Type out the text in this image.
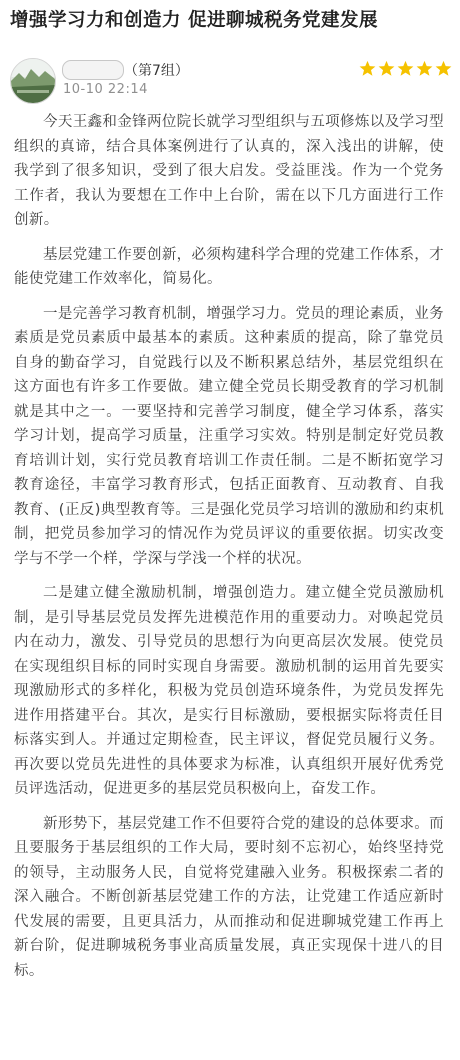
增强学习力和创造力 促进聊城税务党建发展
（第7组）
10-10 22:14

今天王鑫和金锋两位院长就学习型组织与五项修炼以及学习型组织的真谛，结合具体案例进行了认真的，深入浅出的讲解，使我学到了很多知识，受到了很大启发。受益匪浅。作为一个党务工作者，我认为要想在工作中上台阶，需在以下几方面进行工作创新。

基层党建工作要创新，必须构建科学合理的党建工作体系，才能使党建工作效率化，简易化。

一是完善学习教育机制，增强学习力。党员的理论素质，业务素质是党员素质中最基本的素质。这种素质的提高，除了靠党员自身的勤奋学习，自觉践行以及不断积累总结外，基层党组织在这方面也有许多工作要做。建立健全党员长期受教育的学习机制就是其中之一。一要坚持和完善学习制度，健全学习体系，落实学习计划，提高学习质量，注重学习实效。特别是制定好党员教育培训计划，实行党员教育培训工作责任制。二是不断拓宽学习教育途径，丰富学习教育形式，包括正面教育、互动教育、自我教育、(正反)典型教育等。三是强化党员学习培训的激励和约束机制，把党员参加学习的情况作为党员评议的重要依据。切实改变学与不学一个样，学深与学浅一个样的状况。

二是建立健全激励机制，增强创造力。建立健全党员激励机制，是引导基层党员发挥先进模范作用的重要动力。对唤起党员内在动力，激发、引导党员的思想行为向更高层次发展。使党员在实现组织目标的同时实现自身需要。激励机制的运用首先要实现激励形式的多样化，积极为党员创造环境条件，为党员发挥先进作用搭建平台。其次，是实行目标激励，要根据实际将责任目标落实到人。并通过定期检查，民主评议，督促党员履行义务。再次要以党员先进性的具体要求为标准，认真组织开展好优秀党员评选活动，促进更多的基层党员积极向上，奋发工作。

新形势下，基层党建工作不但要符合党的建设的总体要求。而且要服务于基层组织的工作大局，要时刻不忘初心，始终坚持党的领导，主动服务人民，自觉将党建融入业务。积极探索二者的深入融合。不断创新基层党建工作的方法，让党建工作适应新时代发展的需要，且更具活力，从而推动和促进聊城党建工作再上新台阶，促进聊城税务事业高质量发展，真正实现保十进八的目标。
